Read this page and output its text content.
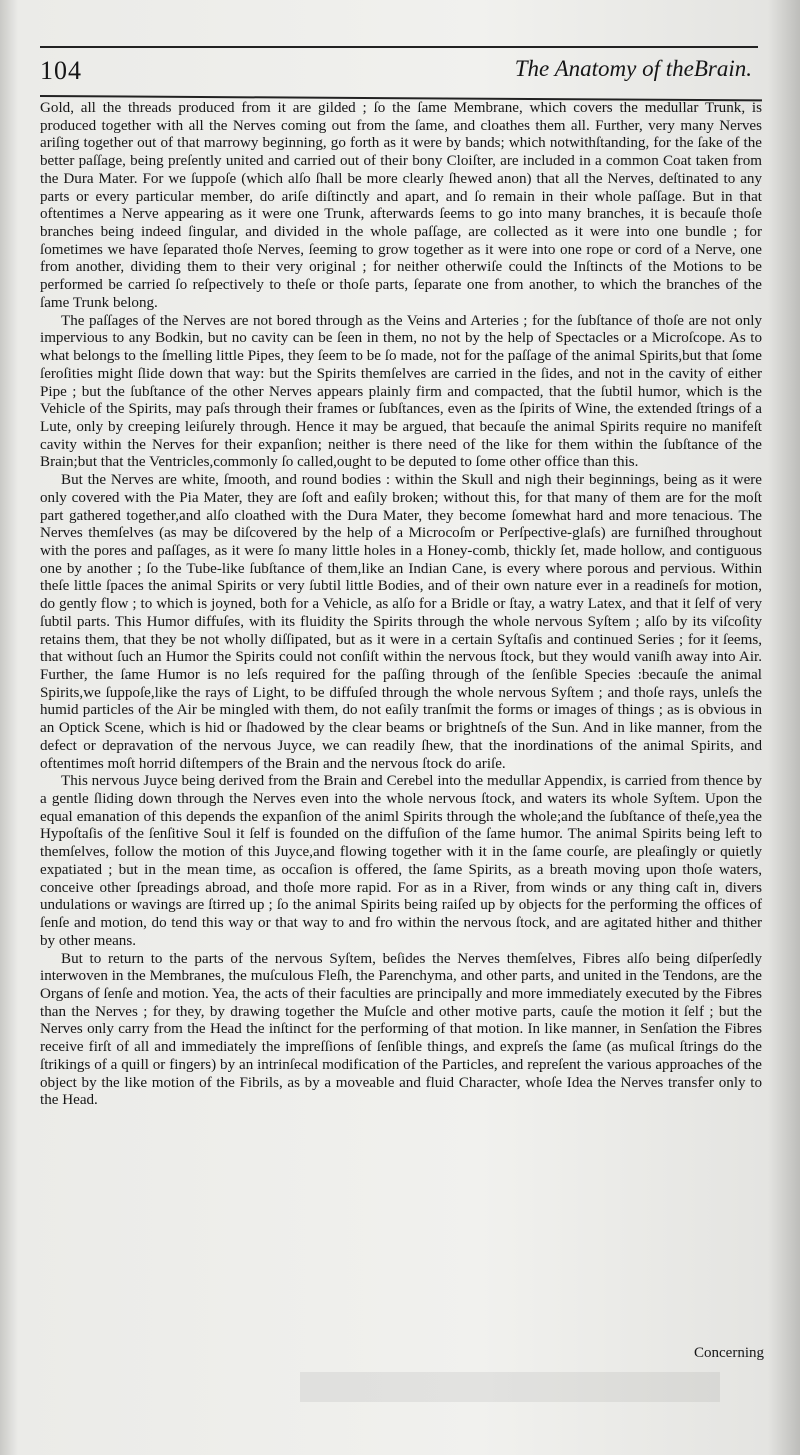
104	The Anatomy of theBrain.

Gold, all the threads produced from it are gilded ; ſo the ſame Membrane, which covers the medullar Trunk, is produced together with all the Nerves coming out from the ſame, and cloathes them all. Further, very many Nerves ariſing together out of that marrowy beginning, go forth as it were by bands; which notwithſtanding, for the ſake of the better paſſage, being preſently united and carried out of their bony Cloiſter, are included in a common Coat taken from the Dura Mater. For we ſuppoſe (which alſo ſhall be more clearly ſhewed anon) that all the Nerves, deſtinated to any parts or every particular member, do ariſe diſtinctly and apart, and ſo remain in their whole paſſage. But in that oftentimes a Nerve appearing as it were one Trunk, afterwards ſeems to go into many branches, it is becauſe thoſe branches being indeed ſingular, and divided in the whole paſſage, are collected as it were into one bundle ; for ſometimes we have ſeparated thoſe Nerves, ſeeming to grow together as it were into one rope or cord of a Nerve, one from another, dividing them to their very original ; for neither otherwiſe could the Inſtincts of the Motions to be performed be carried ſo reſpectively to theſe or thoſe parts, ſeparate one from another, to which the branches of the ſame Trunk belong.

The paſſages of the Nerves are not bored through as the Veins and Arteries ; for the ſubſtance of thoſe are not only impervious to any Bodkin, but no cavity can be ſeen in them, no not by the help of Spectacles or a Microſcope. As to what belongs to the ſmelling little Pipes, they ſeem to be ſo made, not for the paſſage of the animal Spirits,but that ſome ſeroſities might ſlide down that way: but the Spirits themſelves are carried in the ſides, and not in the cavity of either Pipe ; but the ſubſtance of the other Nerves appears plainly firm and compacted, that the ſubtil humor, which is the Vehicle of the Spirits, may paſs through their frames or ſubſtances, even as the ſpirits of Wine, the extended ſtrings of a Lute, only by creeping leiſurely through. Hence it may be argued, that becauſe the animal Spirits require no manifeſt cavity within the Nerves for their expanſion; neither is there need of the like for them within the ſubſtance of the Brain;but that the Ventricles,commonly ſo called,ought to be deputed to ſome other office than this.

But the Nerves are white, ſmooth, and round bodies : within the Skull and nigh their beginnings, being as it were only covered with the Pia Mater, they are ſoft and eaſily broken; without this, for that many of them are for the moſt part gathered together,and alſo cloathed with the Dura Mater, they become ſomewhat hard and more tenacious. The Nerves themſelves (as may be diſcovered by the help of a Microcoſm or Perſpective-glaſs) are furniſhed throughout with the pores and paſſages, as it were ſo many little holes in a Honey-comb, thickly ſet, made hollow, and contiguous one by another ; ſo the Tube-like ſubſtance of them,like an Indian Cane, is every where porous and pervious. Within theſe little ſpaces the animal Spirits or very ſubtil little Bodies, and of their own nature ever in a readineſs for motion, do gently flow ; to which is joyned, both for a Vehicle, as alſo for a Bridle or ſtay, a watry Latex, and that it ſelf of very ſubtil parts. This Humor diffuſes, with its fluidity the Spirits through the whole nervous Syſtem ; alſo by its viſcoſity retains them, that they be not wholly diſſipated, but as it were in a certain Syſtaſis and continued Series ; for it ſeems, that without ſuch an Humor the Spirits could not conſiſt within the nervous ſtock, but they would vaniſh away into Air. Further, the ſame Humor is no leſs required for the paſſing through of the ſenſible Species :becauſe the animal Spirits,we ſuppoſe,like the rays of Light, to be diffuſed through the whole nervous Syſtem ; and thoſe rays, unleſs the humid particles of the Air be mingled with them, do not eaſily tranſmit the forms or images of things ; as is obvious in an Optick Scene, which is hid or ſhadowed by the clear beams or brightneſs of the Sun. And in like manner, from the defect or depravation of the nervous Juyce, we can readily ſhew, that the inordinations of the animal Spirits, and oftentimes moſt horrid diſtempers of the Brain and the nervous ſtock do ariſe.

This nervous Juyce being derived from the Brain and Cerebel into the medullar Appendix, is carried from thence by a gentle ſliding down through the Nerves even into the whole nervous ſtock, and waters its whole Syſtem. Upon the equal emanation of this depends the expanſion of the animl Spirits through the whole;and the ſubſtance of theſe,yea the Hypoſtaſis of the ſenſitive Soul it ſelf is founded on the diffuſion of the ſame humor. The animal Spirits being left to themſelves, follow the motion of this Juyce,and flowing together with it in the ſame courſe, are pleaſingly or quietly expatiated ; but in the mean time, as occaſion is offered, the ſame Spirits, as a breath moving upon thoſe waters, conceive other ſpreadings abroad, and thoſe more rapid. For as in a River, from winds or any thing caſt in, divers undulations or wavings are ſtirred up ; ſo the animal Spirits being raiſed up by objects for the performing the offices of ſenſe and motion, do tend this way or that way to and fro within the nervous ſtock, and are agitated hither and thither by other means.

But to return to the parts of the nervous Syſtem, beſides the Nerves themſelves, Fibres alſo being diſperſedly interwoven in the Membranes, the muſculous Fleſh, the Parenchyma, and other parts, and united in the Tendons, are the Organs of ſenſe and motion. Yea, the acts of their faculties are principally and more immediately executed by the Fibres than the Nerves ; for they, by drawing together the Muſcle and other motive parts, cauſe the motion it ſelf ; but the Nerves only carry from the Head the inſtinct for the performing of that motion. In like manner, in Senſation the Fibres receive firſt of all and immediately the impreſſions of ſenſible things, and expreſs the ſame (as muſical ſtrings do the ſtrikings of a quill or fingers) by an intrinſecal modification of the Particles, and repreſent the various approaches of the object by the like motion of the Fibrils, as by a moveable and fluid Character, whoſe Idea the Nerves transfer only to the Head.

Concerning
